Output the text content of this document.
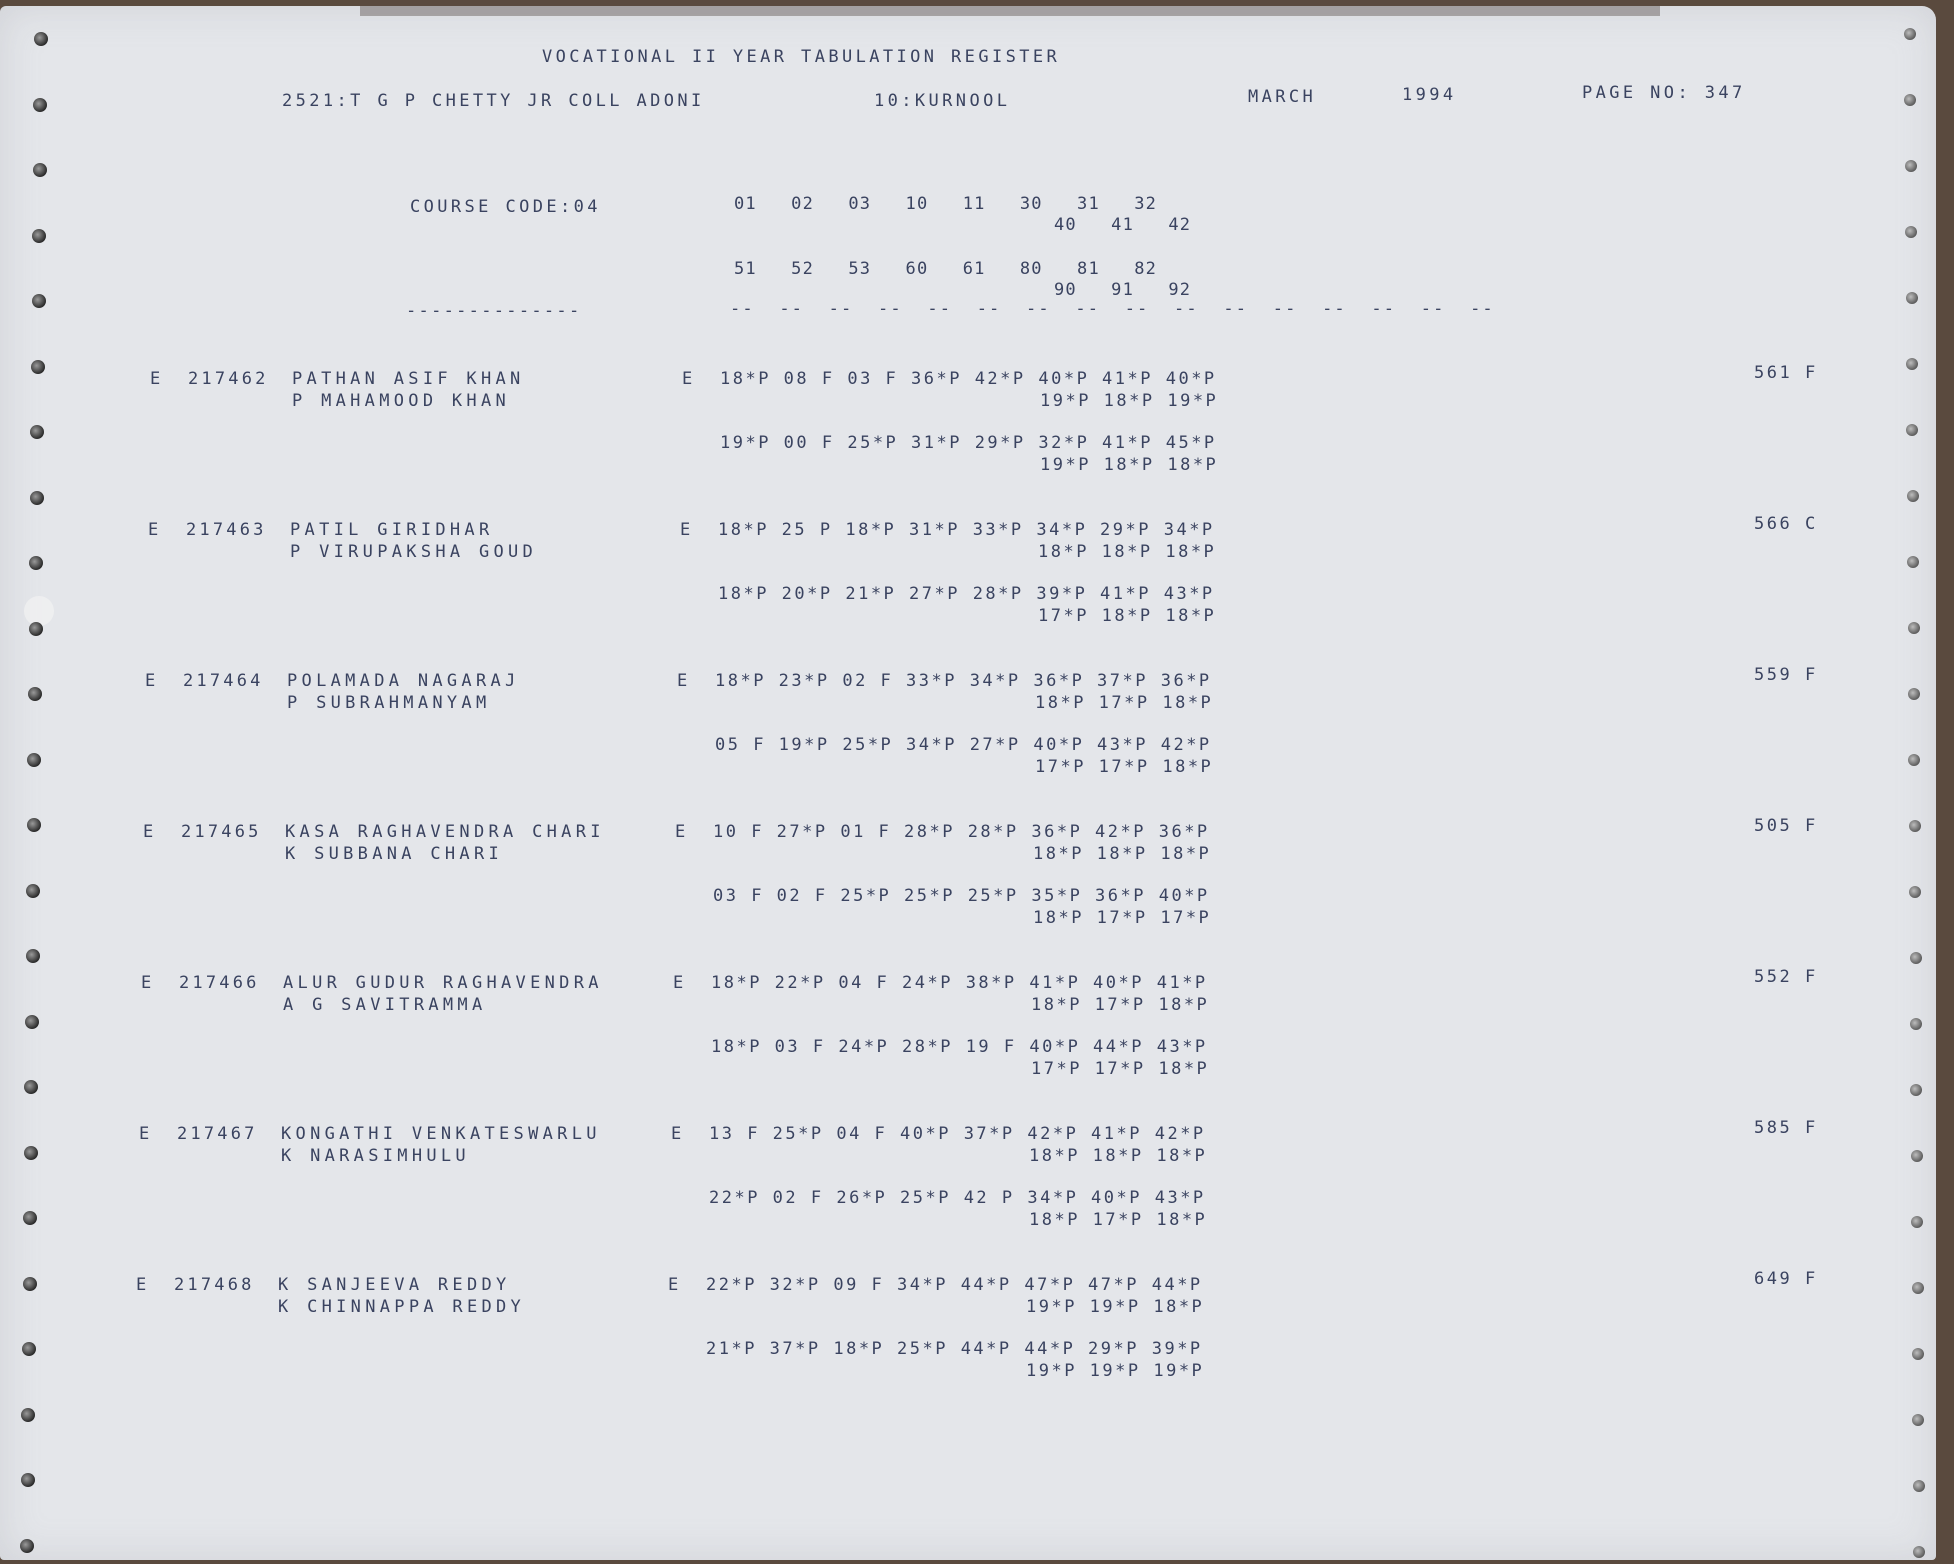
VOCATIONAL II YEAR TABULATION REGISTER
2521:T G P CHETTY JR COLL ADONI	10:KURNOOL	MARCH	1994	PAGE NO: 347
COURSE CODE:04	01   02   03   10   11   30   31   32
40   41   42
51   52   53   60   61   80   81   82
90   91   92
--------------	--  --  --  --  --  --  --  --  --  --  --  --  --  --  --  --
E 217462 PATHAN ASIF KHAN
P MAHAMOOD KHAN
E 18*P 08 F 03 F 36*P 42*P 40*P 41*P 40*P
19*P 18*P 19*P
19*P 00 F 25*P 31*P 29*P 32*P 41*P 45*P
19*P 18*P 18*P
561 F
E 217463 PATIL GIRIDHAR
P VIRUPAKSHA GOUD
E 18*P 25 P 18*P 31*P 33*P 34*P 29*P 34*P
18*P 18*P 18*P
18*P 20*P 21*P 27*P 28*P 39*P 41*P 43*P
17*P 18*P 18*P
566 C
E 217464 POLAMADA NAGARAJ
P SUBRAHMANYAM
E 18*P 23*P 02 F 33*P 34*P 36*P 37*P 36*P
18*P 17*P 18*P
05 F 19*P 25*P 34*P 27*P 40*P 43*P 42*P
17*P 17*P 18*P
559 F
E 217465 KASA RAGHAVENDRA CHARI
K SUBBANA CHARI
E 10 F 27*P 01 F 28*P 28*P 36*P 42*P 36*P
18*P 18*P 18*P
03 F 02 F 25*P 25*P 25*P 35*P 36*P 40*P
18*P 17*P 17*P
505 F
E 217466 ALUR GUDUR RAGHAVENDRA
A G SAVITRAMMA
E 18*P 22*P 04 F 24*P 38*P 41*P 40*P 41*P
18*P 17*P 18*P
18*P 03 F 24*P 28*P 19 F 40*P 44*P 43*P
17*P 17*P 18*P
552 F
E 217467 KONGATHI VENKATESWARLU
K NARASIMHULU
E 13 F 25*P 04 F 40*P 37*P 42*P 41*P 42*P
18*P 18*P 18*P
22*P 02 F 26*P 25*P 42 P 34*P 40*P 43*P
18*P 17*P 18*P
585 F
E 217468 K SANJEEVA REDDY
K CHINNAPPA REDDY
E 22*P 32*P 09 F 34*P 44*P 47*P 47*P 44*P
19*P 19*P 18*P
21*P 37*P 18*P 25*P 44*P 44*P 29*P 39*P
19*P 19*P 19*P
649 F
